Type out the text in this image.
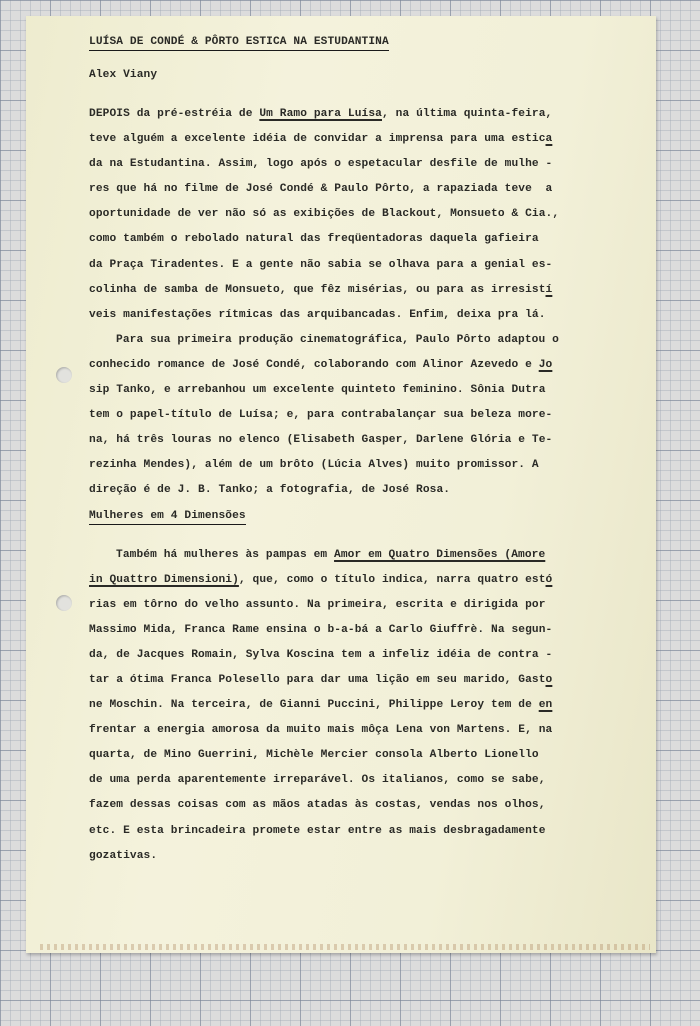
LUÍSA DE CONDÉ & PÔRTO ESTICA NA ESTUDANTINA
Alex Viany
DEPOIS da pré-estréia de Um Ramo para Luísa, na última quinta-feira,
teve alguém a excelente idéia de convidar a imprensa para uma estica
da na Estudantina. Assim, logo após o espetacular desfile de mulhe -
res que há no filme de José Condé & Paulo Pôrto, a rapaziada teve  a
oportunidade de ver não só as exibições de Blackout, Monsueto & Cia.,
como também o rebolado natural das freqüentadoras daquela gafieira
da Praça Tiradentes. E a gente não sabia se olhava para a genial es-
colinha de samba de Monsueto, que fêz misérias, ou para as irresistí
veis manifestações rítmicas das arquibancadas. Enfim, deixa pra lá.
Para sua primeira produção cinematográfica, Paulo Pôrto adaptou o
conhecido romance de José Condé, colaborando com Alinor Azevedo e Jo
sip Tanko, e arrebanhou um excelente quinteto feminino. Sônia Dutra
tem o papel-título de Luísa; e, para contrabalançar sua beleza more-
na, há três louras no elenco (Elisabeth Gasper, Darlene Glória e Te-
rezinha Mendes), além de um brôto (Lúcia Alves) muito promissor. A
direção é de J. B. Tanko; a fotografia, de José Rosa.
Mulheres em 4 Dimensões
Também há mulheres às pampas em Amor em Quatro Dimensões (Amore
in Quattro Dimensioni), que, como o título indica, narra quatro estó
rias em tôrno do velho assunto. Na primeira, escrita e dirigida por
Massimo Mida, Franca Rame ensina o b-a-bá a Carlo Giuffrè. Na segun-
da, de Jacques Romain, Sylva Koscina tem a infeliz idéia de contra -
tar a ótima Franca Polesello para dar uma lição em seu marido, Gasto
ne Moschin. Na terceira, de Gianni Puccini, Philippe Leroy tem de en
frentar a energia amorosa da muito mais môça Lena von Martens. E, na
quarta, de Mino Guerrini, Michèle Mercier consola Alberto Lionello
de uma perda aparentemente irreparável. Os italianos, como se sabe,
fazem dessas coisas com as mãos atadas às costas, vendas nos olhos,
etc. E esta brincadeira promete estar entre as mais desbragadamente
gozativas.
